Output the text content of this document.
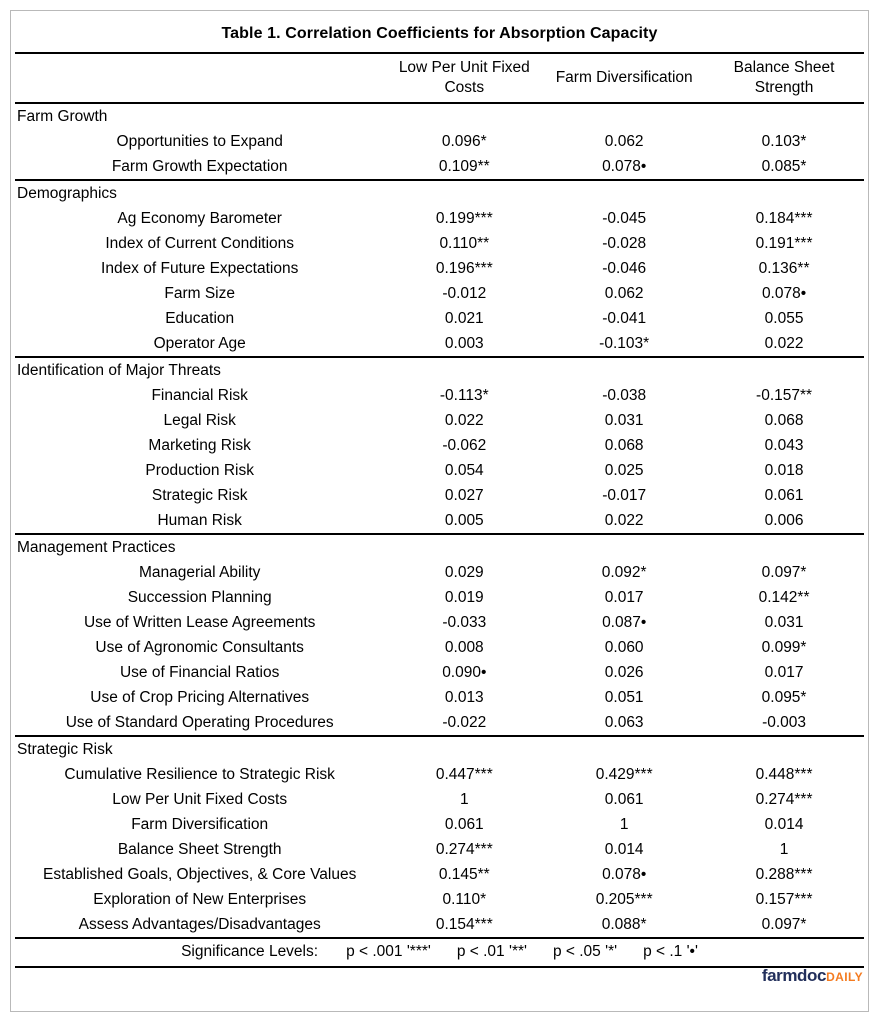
Table 1. Correlation Coefficients for Absorption Capacity
	Low Per Unit Fixed Costs	Farm Diversification	Balance Sheet Strength
Farm Growth			
Opportunities to Expand	0.096*	0.062	0.103*
Farm Growth Expectation	0.109**	0.078•	0.085*
Demographics			
Ag Economy Barometer	0.199***	-0.045	0.184***
Index of Current Conditions	0.110**	-0.028	0.191***
Index of Future Expectations	0.196***	-0.046	0.136**
Farm Size	-0.012	0.062	0.078•
Education	0.021	-0.041	0.055
Operator Age	0.003	-0.103*	0.022
Identification of Major Threats			
Financial Risk	-0.113*	-0.038	-0.157**
Legal Risk	0.022	0.031	0.068
Marketing Risk	-0.062	0.068	0.043
Production Risk	0.054	0.025	0.018
Strategic Risk	0.027	-0.017	0.061
Human Risk	0.005	0.022	0.006
Management Practices			
Managerial Ability	0.029	0.092*	0.097*
Succession Planning	0.019	0.017	0.142**
Use of Written Lease Agreements	-0.033	0.087•	0.031
Use of Agronomic Consultants	0.008	0.060	0.099*
Use of Financial Ratios	0.090•	0.026	0.017
Use of Crop Pricing Alternatives	0.013	0.051	0.095*
Use of Standard Operating Procedures	-0.022	0.063	-0.003
Strategic Risk			
Cumulative Resilience to Strategic Risk	0.447***	0.429***	0.448***
Low Per Unit Fixed Costs	1	0.061	0.274***
Farm Diversification	0.061	1	0.014
Balance Sheet Strength	0.274***	0.014	1
Established Goals, Objectives, & Core Values	0.145**	0.078•	0.288***
Exploration of New Enterprises	0.110*	0.205***	0.157***
Assess Advantages/Disadvantages	0.154***	0.088*	0.097*

Significance Levels: p < .001 '***' p < .01 '**' p < .05 '*' p < .1 '•'			
farmdocDAILY
